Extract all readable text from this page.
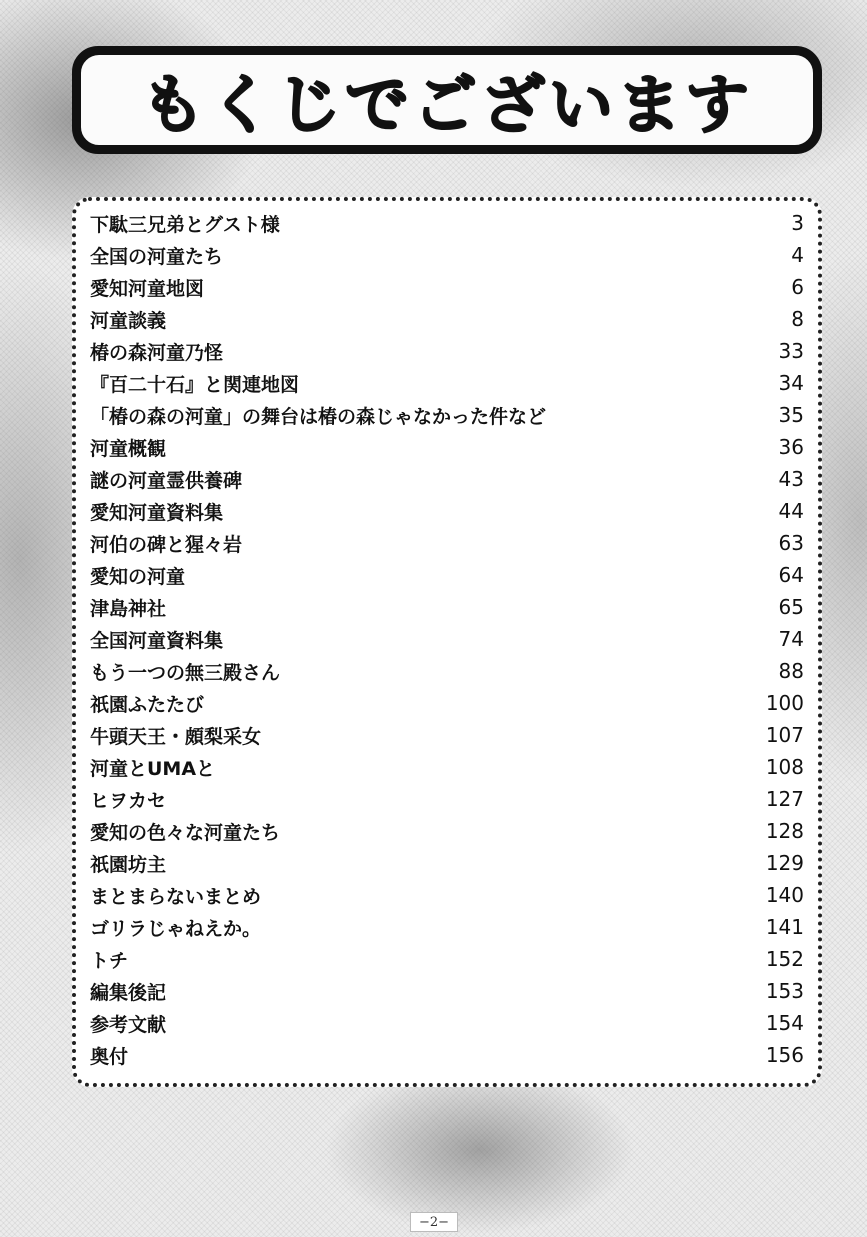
もくじでございます
下駄三兄弟とグスト様	3
全国の河童たち	4
愛知河童地図	6
河童談義	8
椿の森河童乃怪	33
『百二十石』と関連地図	34
「椿の森の河童」の舞台は椿の森じゃなかった件など	35
河童概観	36
謎の河童霊供養碑	43
愛知河童資料集	44
河伯の碑と猩々岩	63
愛知の河童	64
津島神社	65
全国河童資料集	74
もう一つの無三殿さん	88
祇園ふたたび	100
牛頭天王・頗梨采女	107
河童とUMAと	108
ヒヲカセ	127
愛知の色々な河童たち	128
祇園坊主	129
まとまらないまとめ	140
ゴリラじゃねえか。	141
トチ	152
編集後記	153
参考文献	154
奥付	156
−2−
